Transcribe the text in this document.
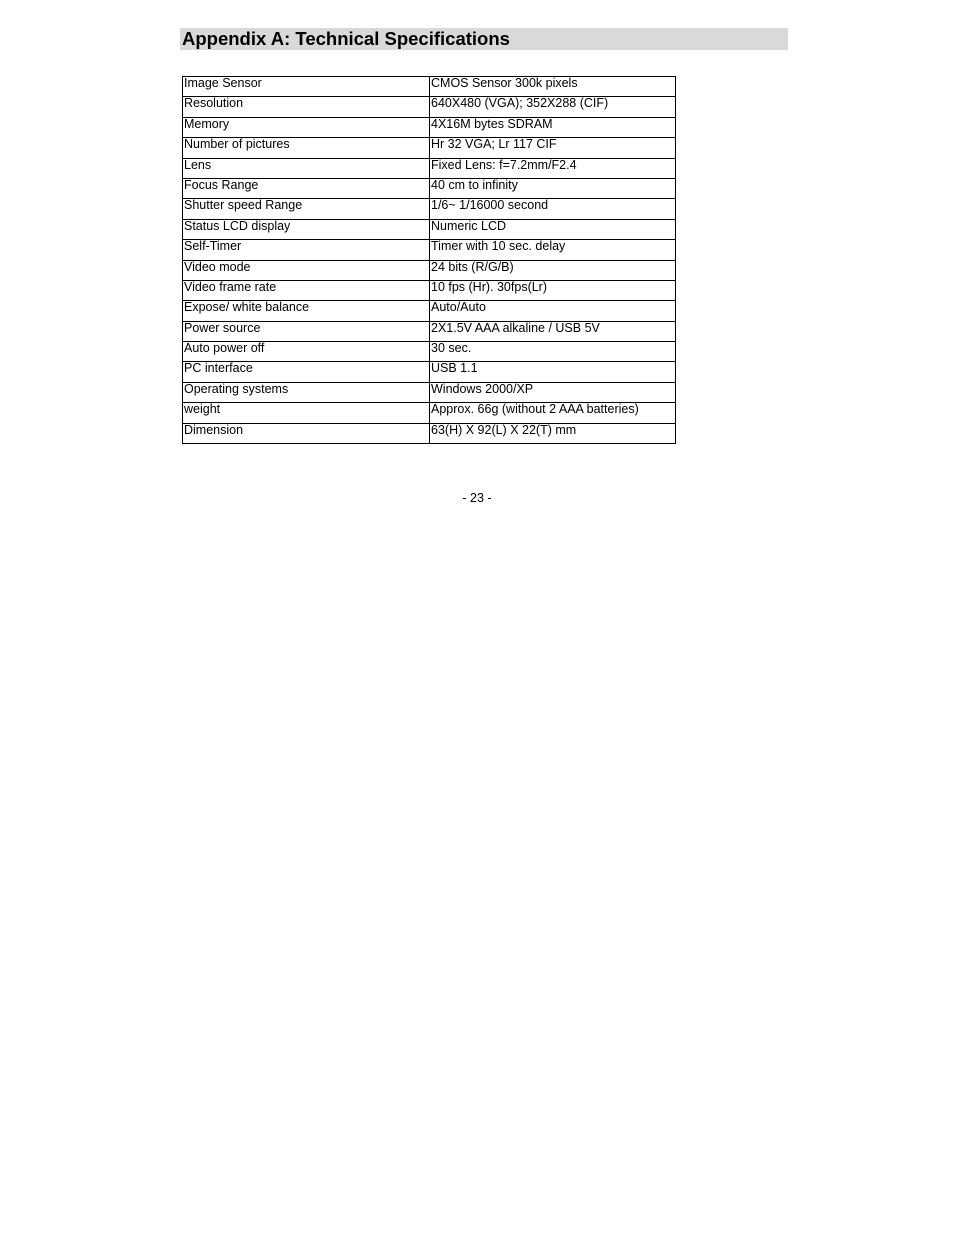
Appendix A: Technical Specifications
Image Sensor	CMOS Sensor 300k pixels
Resolution	640X480 (VGA); 352X288 (CIF)
Memory	4X16M bytes SDRAM
Number of pictures	Hr 32 VGA; Lr 117 CIF
Lens	Fixed Lens: f=7.2mm/F2.4
Focus Range	40 cm to infinity
Shutter speed Range	1/6~ 1/16000 second
Status LCD display	Numeric LCD
Self-Timer	Timer with 10 sec. delay
Video mode	24 bits (R/G/B)
Video frame rate	10 fps (Hr). 30fps(Lr)
Expose/ white balance	Auto/Auto
Power source	2X1.5V AAA alkaline / USB 5V
Auto power off	30 sec.
PC interface	USB 1.1
Operating systems	Windows 2000/XP
weight	Approx. 66g (without 2 AAA batteries)
Dimension	63(H) X 92(L) X 22(T) mm
- 23 -
